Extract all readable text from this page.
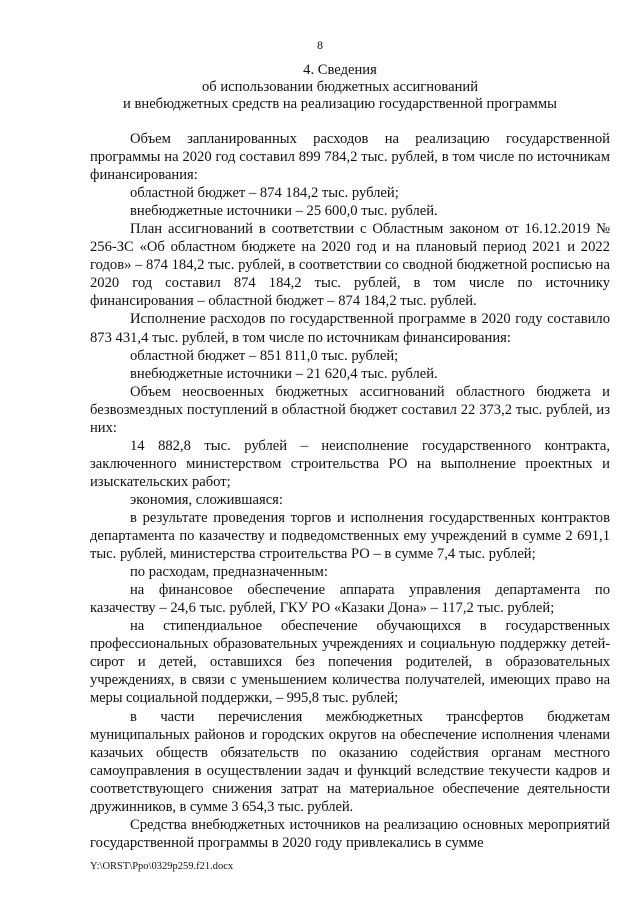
8
4. Сведения
об использовании бюджетных ассигнований
и внебюджетных средств на реализацию государственной программы

Объем запланированных расходов на реализацию государственной программы на 2020 год составил 899 784,2 тыс. рублей, в том числе по источникам финансирования:

областной бюджет – 874 184,2 тыс. рублей;

внебюджетные источники – 25 600,0 тыс. рублей.

План ассигнований в соответствии с Областным законом от 16.12.2019 № 256-ЗС «Об областном бюджете на 2020 год и на плановый период 2021 и 2022 годов» – 874 184,2 тыс. рублей, в соответствии со сводной бюджетной росписью на 2020 год составил 874 184,2 тыс. рублей, в том числе по источнику финансирования – областной бюджет – 874 184,2 тыс. рублей.

Исполнение расходов по государственной программе в 2020 году составило 873 431,4 тыс. рублей, в том числе по источникам финансирования:

областной бюджет – 851 811,0 тыс. рублей;

внебюджетные источники – 21 620,4 тыс. рублей.

Объем неосвоенных бюджетных ассигнований областного бюджета и безвозмездных поступлений в областной бюджет составил 22 373,2 тыс. рублей, из них:

14 882,8 тыс. рублей – неисполнение государственного контракта, заключенного министерством строительства РО на выполнение проектных и изыскательских работ;

экономия, сложившаяся:

в результате проведения торгов и исполнения государственных контрактов департамента по казачеству и подведомственных ему учреждений в сумме 2 691,1 тыс. рублей, министерства строительства РО – в сумме 7,4 тыс. рублей;

по расходам, предназначенным:

на финансовое обеспечение аппарата управления департамента по казачеству – 24,6 тыс. рублей, ГКУ РО «Казаки Дона» – 117,2 тыс. рублей;

на стипендиальное обеспечение обучающихся в государственных профессиональных образовательных учреждениях и социальную поддержку детей-сирот и детей, оставшихся без попечения родителей, в образовательных учреждениях, в связи с уменьшением количества получателей, имеющих право на меры социальной поддержки, – 995,8 тыс. рублей;

в части перечисления межбюджетных трансфертов бюджетам муниципальных районов и городских округов на обеспечение исполнения членами казачьих обществ обязательств по оказанию содействия органам местного самоуправления в осуществлении задач и функций вследствие текучести кадров и соответствующего снижения затрат на материальное обеспечение деятельности дружинников, в сумме 3 654,3 тыс. рублей.

Средства внебюджетных источников на реализацию основных мероприятий государственной программы в 2020 году привлекались в сумме

Y:\ORST\Ppo\0329p259.f21.docx
